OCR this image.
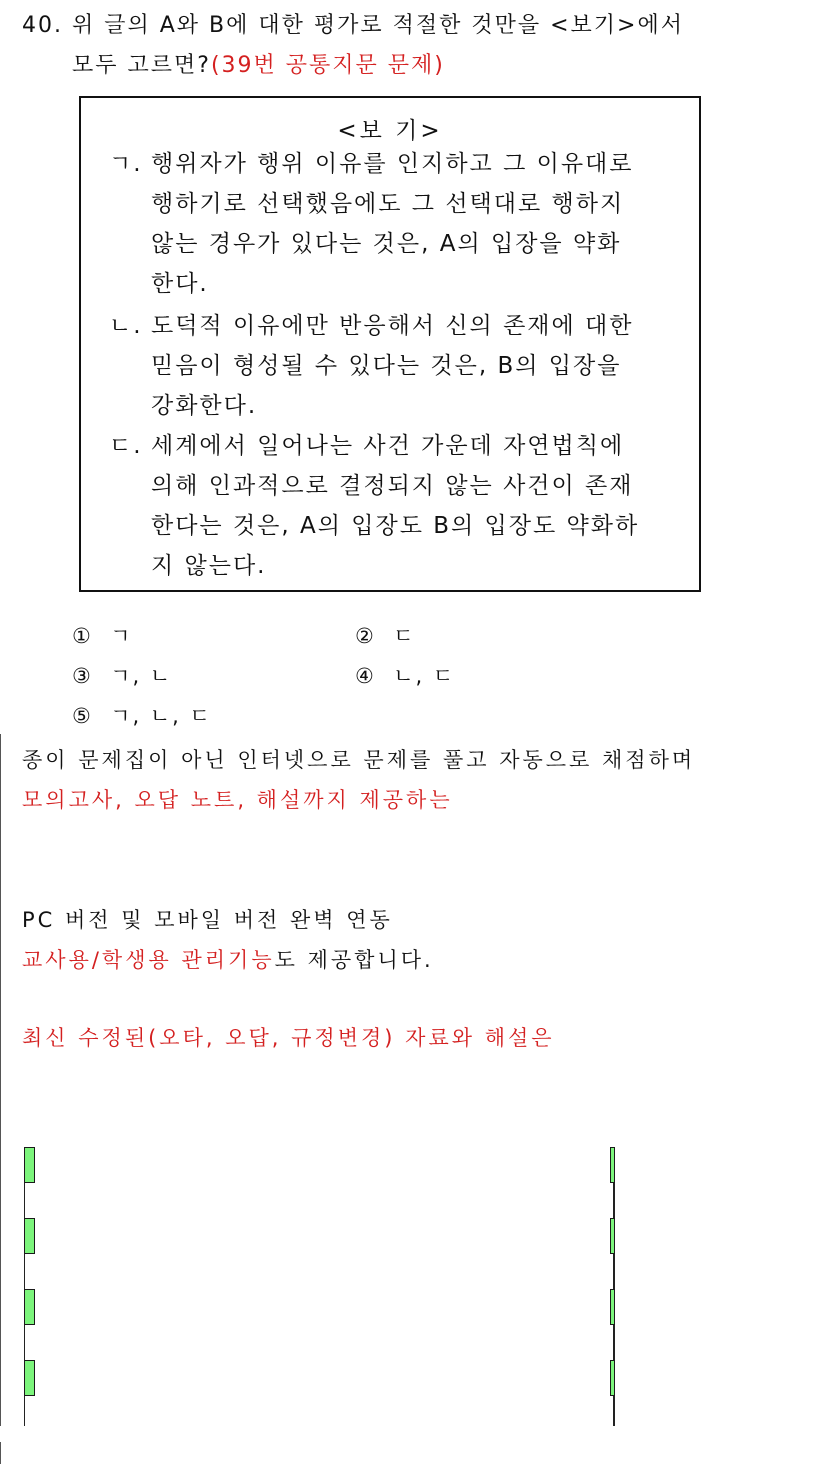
40. 위 글의 A와 B에 대한 평가로 적절한 것만을 <보기>에서
모두 고르면?(39번 공통지문 문제)
<보 기>
ㄱ. 행위자가 행위 이유를 인지하고 그 이유대로
행하기로 선택했음에도 그 선택대로 행하지
않는 경우가 있다는 것은, A의 입장을 약화
한다.
ㄴ. 도덕적 이유에만 반응해서 신의 존재에 대한
믿음이 형성될 수 있다는 것은, B의 입장을
강화한다.
ㄷ. 세계에서 일어나는 사건 가운데 자연법칙에
의해 인과적으로 결정되지 않는 사건이 존재
한다는 것은, A의 입장도 B의 입장도 약화하
지 않는다.
① ㄱ	② ㄷ
③ ㄱ, ㄴ	④ ㄴ, ㄷ
⑤ ㄱ, ㄴ, ㄷ
종이 문제집이 아닌 인터넷으로 문제를 풀고 자동으로 채점하며
모의고사, 오답 노트, 해설까지 제공하는
PC 버전 및 모바일 버전 완벽 연동
교사용/학생용 관리기능도 제공합니다.
최신 수정된(오타, 오답, 규정변경) 자료와 해설은
